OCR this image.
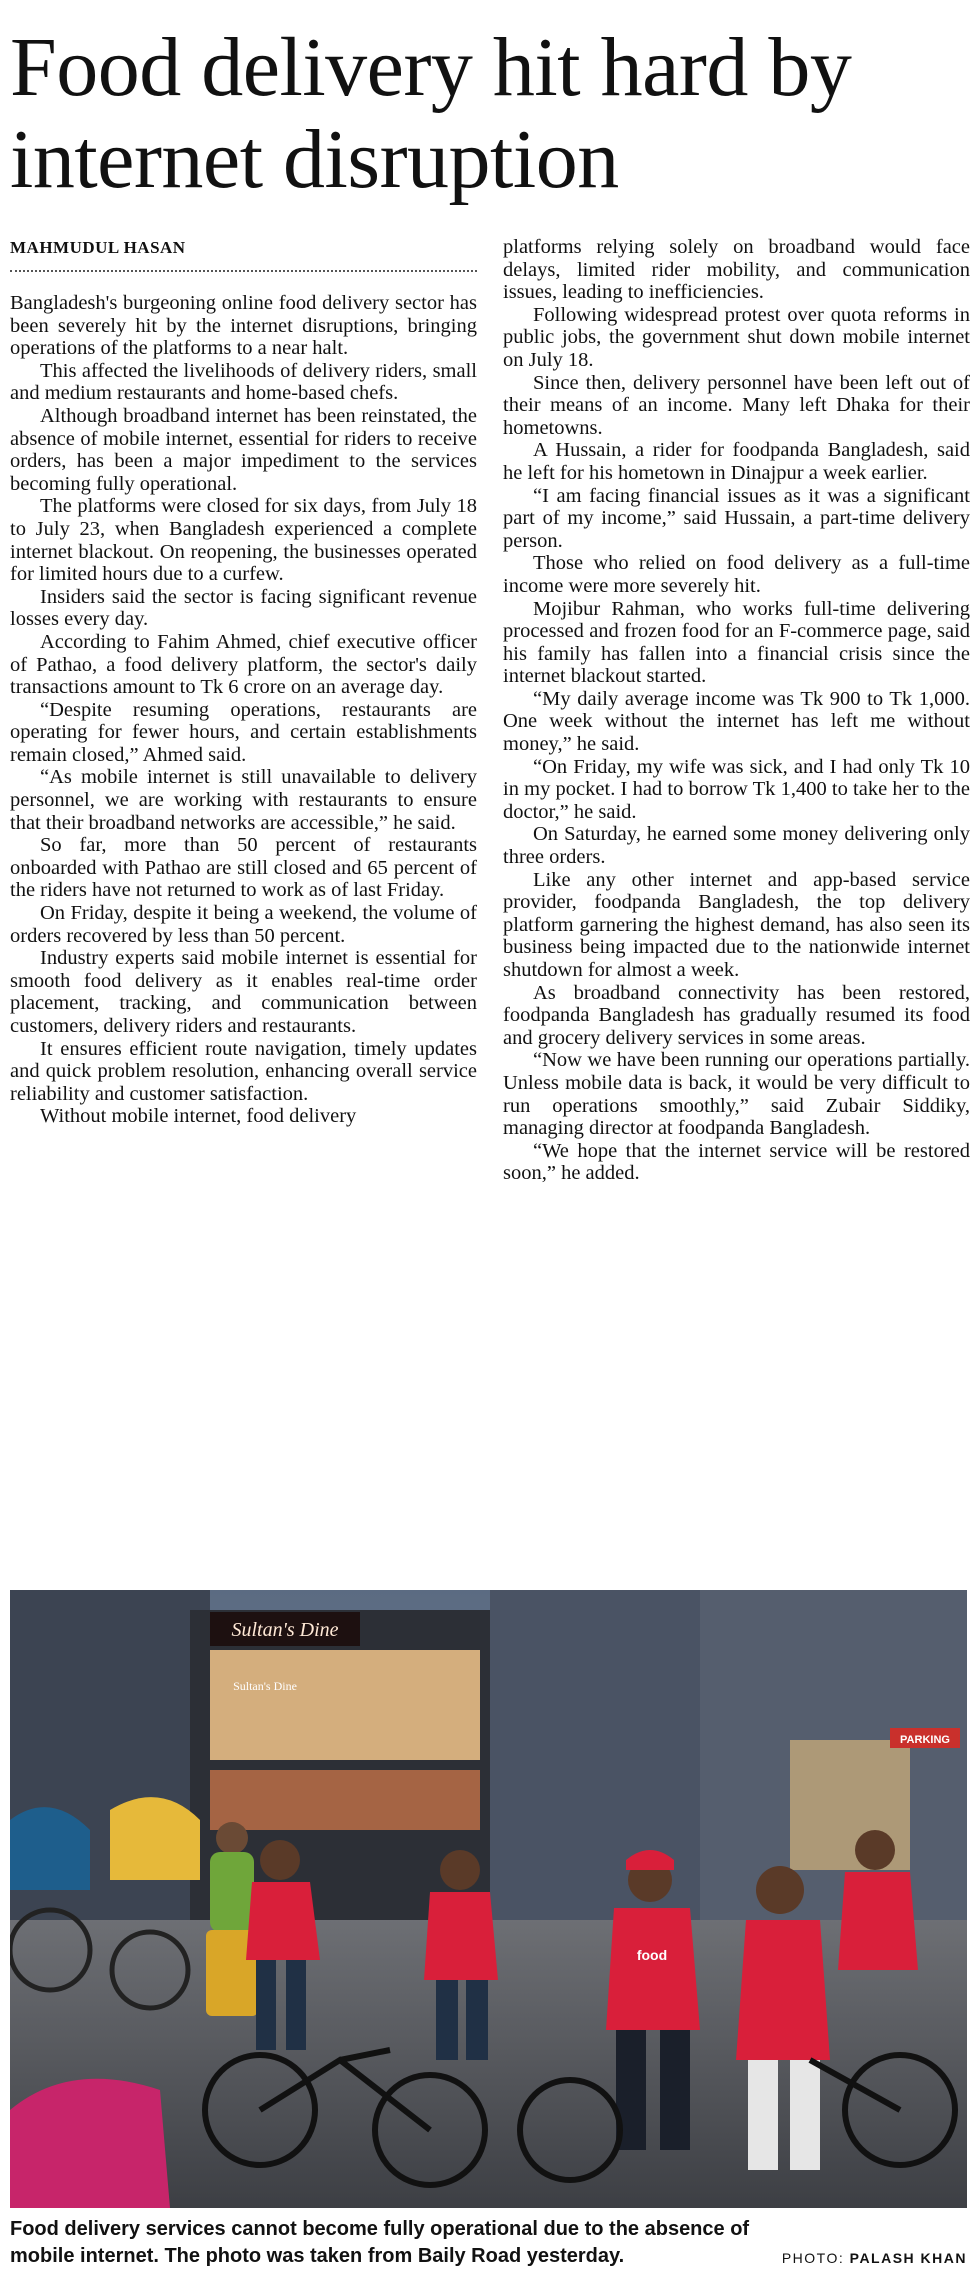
Food delivery hit hard by internet disruption
MAHMUDUL HASAN

Bangladesh's burgeoning online food delivery sector has been severely hit by the internet disruptions, bringing operations of the platforms to a near halt.

This affected the livelihoods of delivery riders, small and medium restaurants and home-based chefs.

Although broadband internet has been reinstated, the absence of mobile internet, essential for riders to receive orders, has been a major impediment to the services becoming fully operational.

The platforms were closed for six days, from July 18 to July 23, when Bangladesh experienced a complete internet blackout. On reopening, the businesses operated for limited hours due to a curfew.

Insiders said the sector is facing significant revenue losses every day.

According to Fahim Ahmed, chief executive officer of Pathao, a food delivery platform, the sector's daily transactions amount to Tk 6 crore on an average day.

“Despite resuming operations, restaurants are operating for fewer hours, and certain establishments remain closed,” Ahmed said.

“As mobile internet is still unavailable to delivery personnel, we are working with restaurants to ensure that their broadband networks are accessible,” he said.

So far, more than 50 percent of restaurants onboarded with Pathao are still closed and 65 percent of the riders have not returned to work as of last Friday.

On Friday, despite it being a weekend, the volume of orders recovered by less than 50 percent.

Industry experts said mobile internet is essential for smooth food delivery as it enables real-time order placement, tracking, and communication between customers, delivery riders and restaurants.

It ensures efficient route navigation, timely updates and quick problem resolution, enhancing overall service reliability and customer satisfaction.

Without mobile internet, food delivery

platforms relying solely on broadband would face delays, limited rider mobility, and communication issues, leading to inefficiencies.

Following widespread protest over quota reforms in public jobs, the government shut down mobile internet on July 18.

Since then, delivery personnel have been left out of their means of an income. Many left Dhaka for their hometowns.

A Hussain, a rider for foodpanda Bangladesh, said he left for his hometown in Dinajpur a week earlier.

“I am facing financial issues as it was a significant part of my income,” said Hussain, a part-time delivery person.

Those who relied on food delivery as a full-time income were more severely hit.

Mojibur Rahman, who works full-time delivering processed and frozen food for an F-commerce page, said his family has fallen into a financial crisis since the internet blackout started.

“My daily average income was Tk 900 to Tk 1,000. One week without the internet has left me without money,” he said.

“On Friday, my wife was sick, and I had only Tk 10 in my pocket. I had to borrow Tk 1,400 to take her to the doctor,” he said.

On Saturday, he earned some money delivering only three orders.

Like any other internet and app-based service provider, foodpanda Bangladesh, the top delivery platform garnering the highest demand, has also seen its business being impacted due to the nationwide internet shutdown for almost a week.

As broadband connectivity has been restored, foodpanda Bangladesh has gradually resumed its food and grocery delivery services in some areas.

“Now we have been running our operations partially. Unless mobile data is back, it would be very difficult to run operations smoothly,” said Zubair Siddiky, managing director at foodpanda Bangladesh.

“We hope that the internet service will be restored soon,” he added.

PARKING
Sultan's Dine
Sultan's Dine
food
Food delivery services cannot become fully operational due to the absence of mobile internet. The photo was taken from Baily Road yesterday.	PHOTO: PALASH KHAN
